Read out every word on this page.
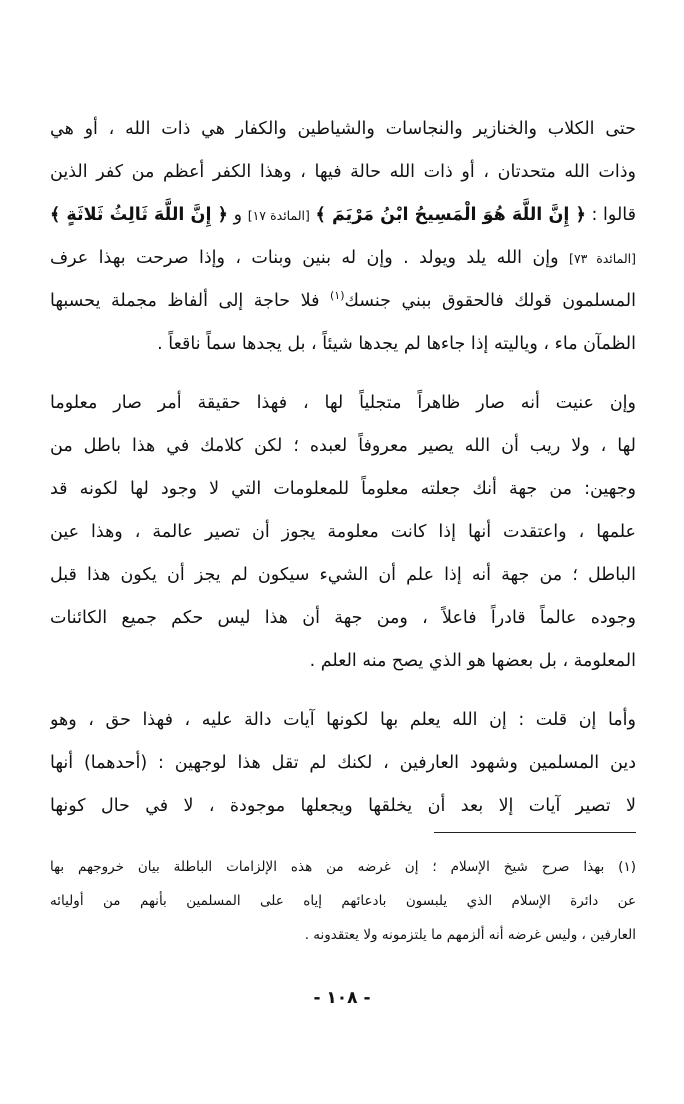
حتى الكلاب والخنازير والنجاسات والشياطين والكفار هي ذات الله ، أو هي
وذات الله متحدتان ، أو ذات الله حالة فيها ، وهذا الكفر أعظم من كفر الذين
قالوا : ﴿ إِنَّ اللَّهَ هُوَ الْمَسِيحُ ابْنُ مَرْيَمَ ﴾ [المائدة ١٧] و ﴿ إِنَّ اللَّهَ ثَالِثُ ثَلاثَةٍ ﴾
[المائدة ٧٣] وإن الله يلد ويولد . وإن له بنين وبنات ، وإذا صرحت بهذا عرف
المسلمون قولك فالحقوق ببني جنسك$^{(١)}$ فلا حاجة إلى ألفاظ مجملة يحسبها
الظمآن ماء ، وياليته إذا جاءها لم يجدها شيئاً ، بل يجدها سماً ناقعاً .
وإن عنيت أنه صار ظاهراً متجلياً لها ، فهذا حقيقة أمر صار معلوما
لها ، ولا ريب أن الله يصير معروفاً لعبده ؛ لكن كلامك في هذا باطل من
وجهين: من جهة أنك جعلته معلوماً للمعلومات التي لا وجود لها لكونه قد
علمها ، واعتقدت أنها إذا كانت معلومة يجوز أن تصير عالمة ، وهذا عين
الباطل ؛ من جهة أنه إذا علم أن الشيء سيكون لم يجز أن يكون هذا قبل
وجوده عالماً قادراً فاعلاً ، ومن جهة أن هذا ليس حكم جميع الكائنات
المعلومة ، بل بعضها هو الذي يصح منه العلم .
وأما إن قلت : إن الله يعلم بها لكونها آيات دالة عليه ، فهذا حق ، وهو
دين المسلمين وشهود العارفين ، لكنك لم تقل هذا لوجهين : (أحدهما) أنها
لا تصير آيات إلا بعد أن يخلقها ويجعلها موجودة ، لا في حال كونها
(١) بهذا صرح شيخ الإسلام ؛ إن غرضه من هذه الإلزامات الباطلة بيان خروجهم بها
عن دائرة الإسلام الذي يلبسون بادعائهم إياه على المسلمين بأنهم من أوليائه
العارفين ، وليس غرضه أنه ألزمهم ما يلتزمونه ولا يعتقدونه .
- ١٠٨ -
